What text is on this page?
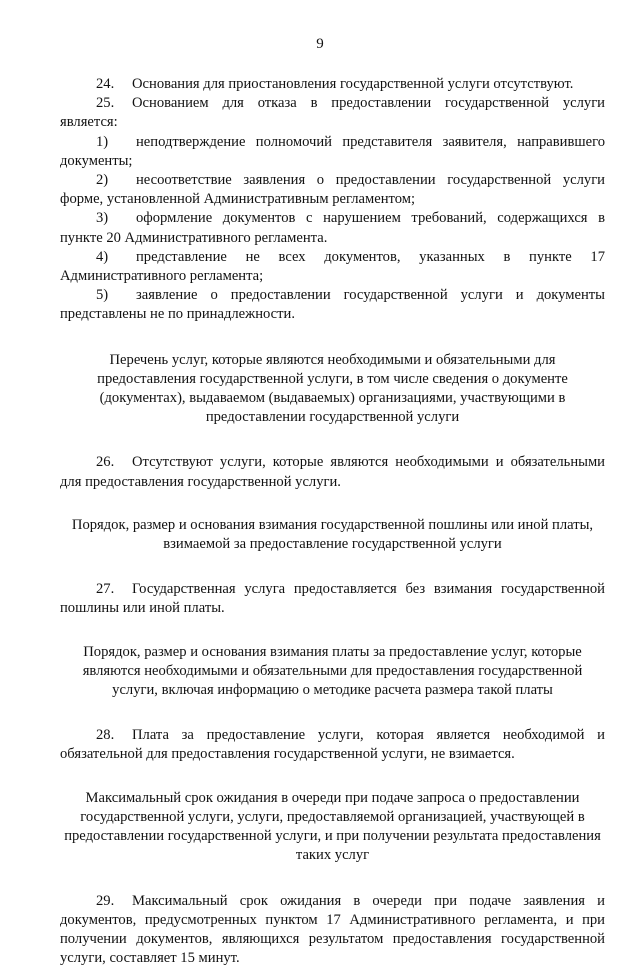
9

24. Основания для приостановления государственной услуги отсутствуют.

25. Основанием для отказа в предоставлении государственной услуги является:

1) неподтверждение полномочий представителя заявителя, направившего документы;

2) несоответствие заявления о предоставлении государственной услуги форме, установленной Административным регламентом;

3) оформление документов с нарушением требований, содержащихся в пункте 20 Административного регламента.

4) представление не всех документов, указанных в пункте 17 Административного регламента;

5) заявление о предоставлении государственной услуги и документы представлены не по принадлежности.

Перечень услуг, которые являются необходимыми и обязательными для предоставления государственной услуги, в том числе сведения о документе (документах), выдаваемом (выдаваемых) организациями, участвующими в предоставлении государственной услуги

26. Отсутствуют услуги, которые являются необходимыми и обязательными для предоставления государственной услуги.

Порядок, размер и основания взимания государственной пошлины или иной платы, взимаемой за предоставление государственной услуги

27. Государственная услуга предоставляется без взимания государственной пошлины или иной платы.

Порядок, размер и основания взимания платы за предоставление услуг, которые являются необходимыми и обязательными для предоставления государственной услуги, включая информацию о методике расчета размера такой платы

28. Плата за предоставление услуги, которая является необходимой и обязательной для предоставления государственной услуги, не взимается.

Максимальный срок ожидания в очереди при подаче запроса о предоставлении государственной услуги, услуги, предоставляемой организацией, участвующей в предоставлении государственной услуги, и при получении результата предоставления таких услуг

29. Максимальный срок ожидания в очереди при подаче заявления и документов, предусмотренных пунктом 17 Административного регламента, и при получении документов, являющихся результатом предоставления государственной услуги, составляет 15 минут.
